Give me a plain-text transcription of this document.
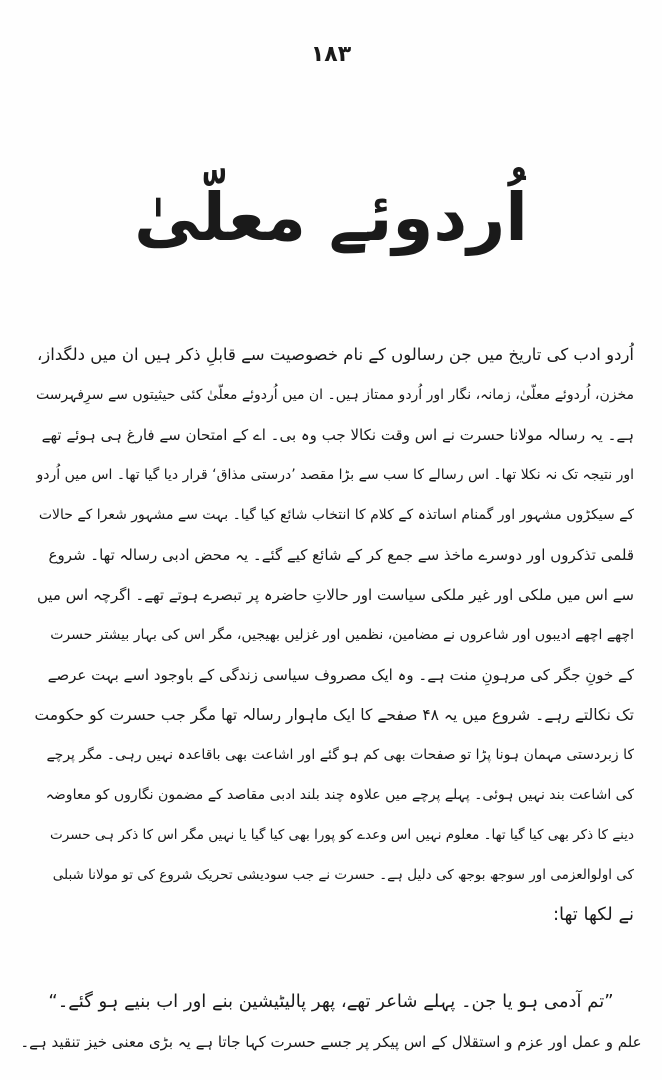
۱۸۳
اُردوئے معلّیٰ
اُردو ادب کی تاریخ میں جن رسالوں کے نام خصوصیت سے قابلِ ذکر ہیں ان میں دلگداز،
مخزن، اُردوئے معلّیٰ، زمانہ، نگار اور اُردو ممتاز ہیں۔ ان میں اُردوئے معلّیٰ کئی حیثیتوں سے سرِفہرست
ہے۔ یہ رسالہ مولانا حسرت نے اس وقت نکالا جب وہ بی۔ اے کے امتحان سے فارغ ہی ہوئے تھے
اور نتیجہ تک نہ نکلا تھا۔ اس رسالے کا سب سے بڑا مقصد ’درستی مذاق‘ قرار دیا گیا تھا۔ اس میں اُردو
کے سیکڑوں مشہور اور گمنام اساتذہ کے کلام کا انتخاب شائع کیا گیا۔ بہت سے مشہور شعرا کے حالات
قلمی تذکروں اور دوسرے ماخذ سے جمع کر کے شائع کیے گئے۔ یہ محض ادبی رسالہ تھا۔ شروع
سے اس میں ملکی اور غیر ملکی سیاست اور حالاتِ حاضرہ پر تبصرے ہوتے تھے۔ اگرچہ اس میں
اچھے اچھے ادیبوں اور شاعروں نے مضامین، نظمیں اور غزلیں بھیجیں، مگر اس کی بہار بیشتر حسرت
کے خونِ جگر کی مرہونِ منت ہے۔ وہ ایک مصروف سیاسی زندگی کے باوجود اسے بہت عرصے
تک نکالتے رہے۔ شروع میں یہ ۴۸ صفحے کا ایک ماہوار رسالہ تھا مگر جب حسرت کو حکومت
کا زبردستی مہمان ہونا پڑا تو صفحات بھی کم ہو گئے اور اشاعت بھی باقاعدہ نہیں رہی۔ مگر پرچے
کی اشاعت بند نہیں ہوئی۔ پہلے پرچے میں علاوہ چند بلند ادبی مقاصد کے مضمون نگاروں کو معاوضہ
دینے کا ذکر بھی کیا گیا تھا۔ معلوم نہیں اس وعدے کو پورا بھی کیا گیا یا نہیں مگر اس کا ذکر ہی حسرت
کی اولوالعزمی اور سوجھ بوجھ کی دلیل ہے۔ حسرت نے جب سودیشی تحریک شروع کی تو مولانا شبلی
نے لکھا تھا:
”تم آدمی ہو یا جن۔ پہلے شاعر تھے، پھر پالیٹیشین بنے اور اب بنیے ہو گئے۔“
علم و عمل اور عزم و استقلال کے اس پیکر پر جسے حسرت کہا جاتا ہے یہ بڑی معنی خیز تنقید ہے۔
